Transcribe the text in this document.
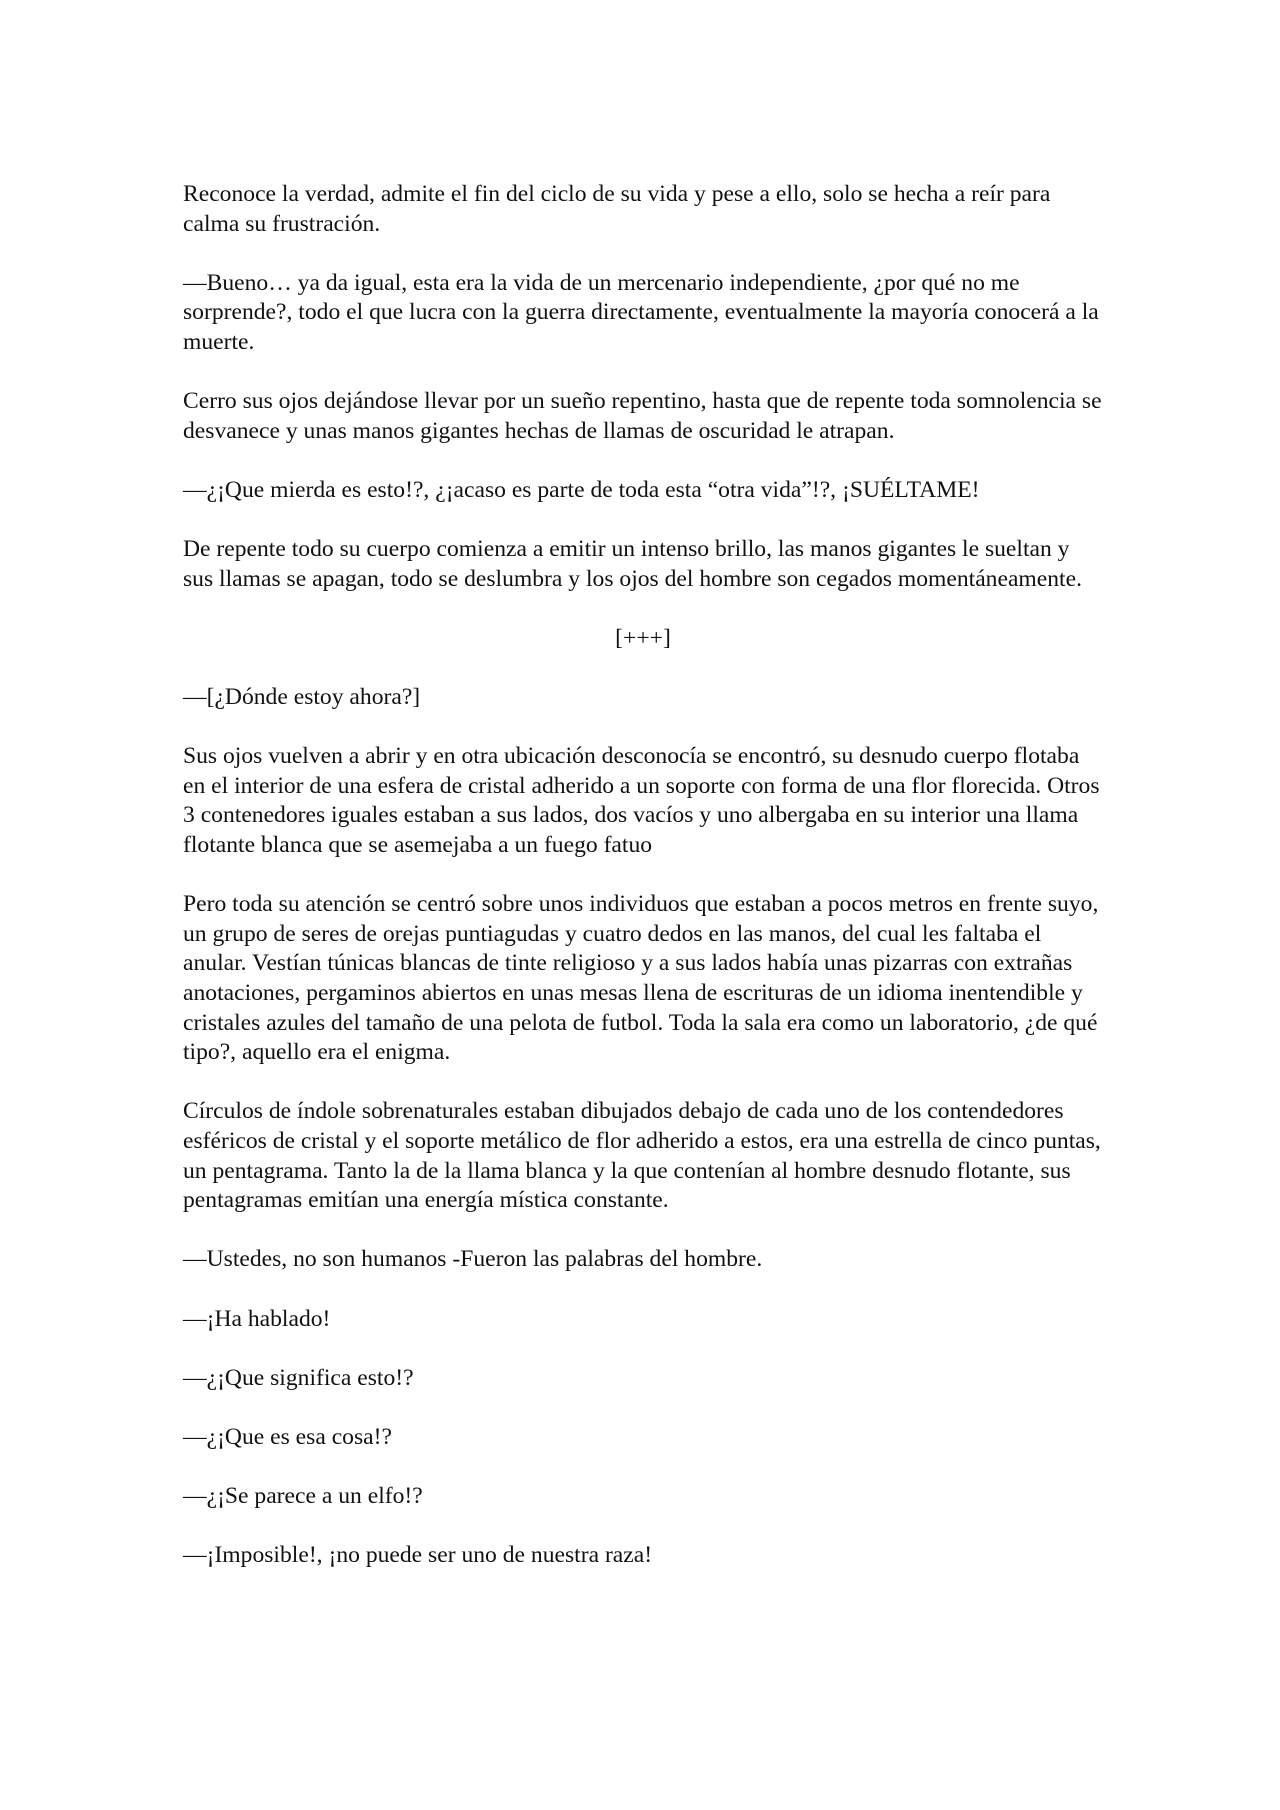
Reconoce la verdad, admite el fin del ciclo de su vida y pese a ello, solo se hecha a reír para calma su frustración.

—Bueno… ya da igual, esta era la vida de un mercenario independiente, ¿por qué no me sorprende?, todo el que lucra con la guerra directamente, eventualmente la mayoría conocerá a la muerte.

Cerro sus ojos dejándose llevar por un sueño repentino, hasta que de repente toda somnolencia se desvanece y unas manos gigantes hechas de llamas de oscuridad le atrapan.

—¿¡Que mierda es esto!?, ¿¡acaso es parte de toda esta “otra vida”!?, ¡SUÉLTAME!

De repente todo su cuerpo comienza a emitir un intenso brillo, las manos gigantes le sueltan y sus llamas se apagan, todo se deslumbra y los ojos del hombre son cegados momentáneamente.

[+++]

—[¿Dónde estoy ahora?]

Sus ojos vuelven a abrir y en otra ubicación desconocía se encontró, su desnudo cuerpo flotaba en el interior de una esfera de cristal adherido a un soporte con forma de una flor florecida. Otros 3 contenedores iguales estaban a sus lados, dos vacíos y uno albergaba en su interior una llama flotante blanca que se asemejaba a un fuego fatuo

Pero toda su atención se centró sobre unos individuos que estaban a pocos metros en frente suyo, un grupo de seres de orejas puntiagudas y cuatro dedos en las manos, del cual les faltaba el anular. Vestían túnicas blancas de tinte religioso y a sus lados había unas pizarras con extrañas anotaciones, pergaminos abiertos en unas mesas llena de escrituras de un idioma inentendible y cristales azules del tamaño de una pelota de futbol. Toda la sala era como un laboratorio, ¿de qué tipo?, aquello era el enigma.

Círculos de índole sobrenaturales estaban dibujados debajo de cada uno de los contendedores esféricos de cristal y el soporte metálico de flor adherido a estos, era una estrella de cinco puntas, un pentagrama. Tanto la de la llama blanca y la que contenían al hombre desnudo flotante, sus pentagramas emitían una energía mística constante.

—Ustedes, no son humanos -Fueron las palabras del hombre.

—¡Ha hablado!

—¿¡Que significa esto!?

—¿¡Que es esa cosa!?

—¿¡Se parece a un elfo!?

—¡Imposible!, ¡no puede ser uno de nuestra raza!
